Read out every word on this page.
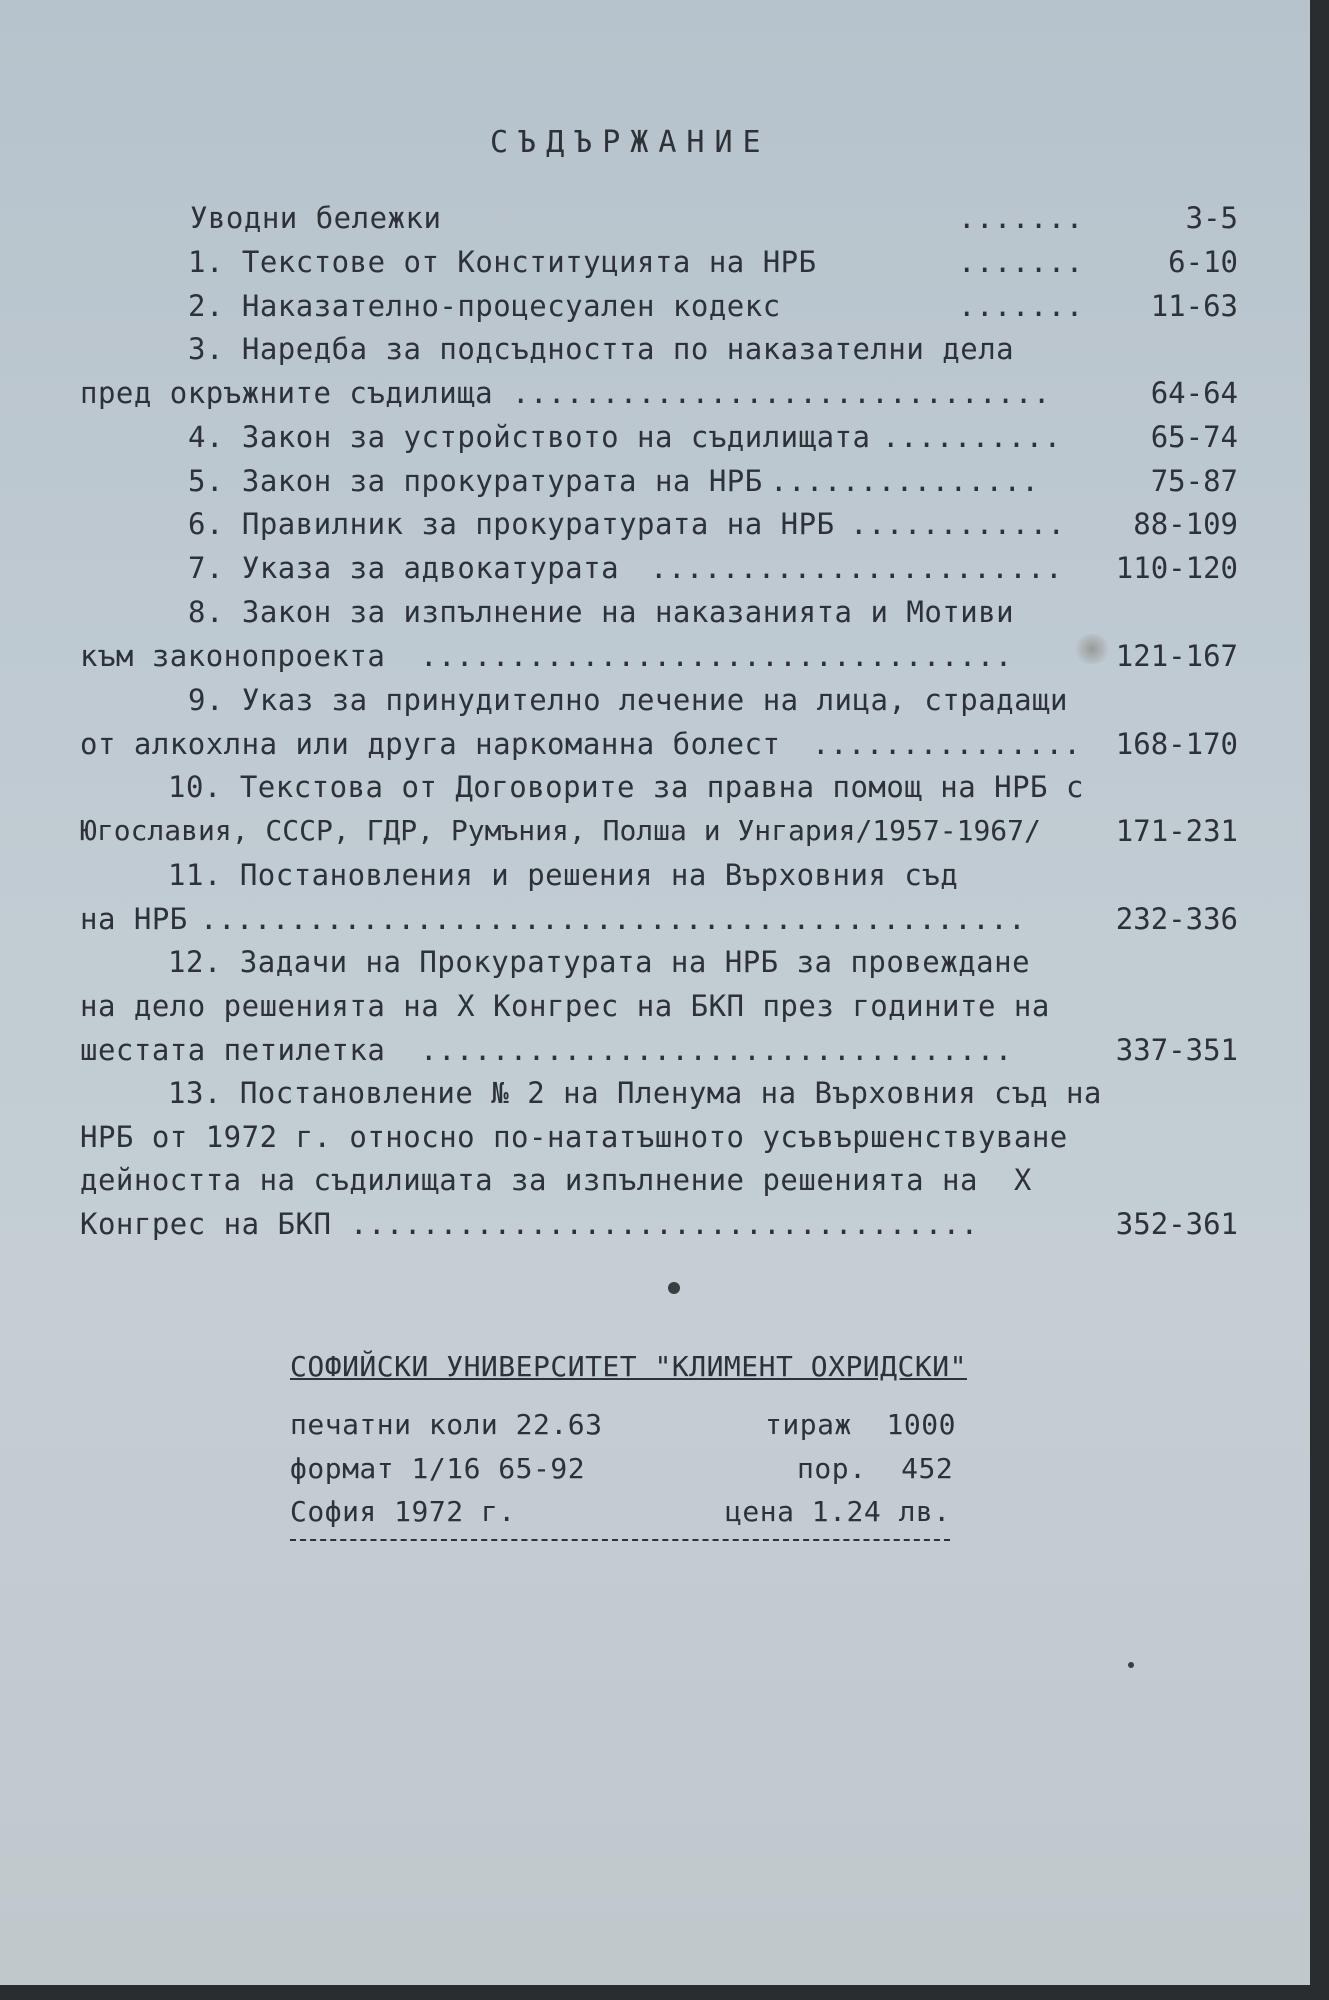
СЪДЪРЖАНИЕ
Уводни бележки	.......	3-5
1. Текстове от Конституцията на НРБ	.......	6-10
2. Наказателно-процесуален кодекс	....... 11-63
3. Наредба за подсъдността по наказателни дела
пред окръжните съдилища ..............................	64-64
4. Закон за устройството на съдилищата ..........	65-74
5. Закон за прокуратурата на НРБ ...............	75-87
6. Правилник за прокуратурата на НРБ ............ 88-109
7. Указа за адвокатурата ....................... 110-120
8. Закон за изпълнение на наказанията и Мотиви
към законопроекта .................................	121-167
9. Указ за принудително лечение на лица, страдащи
от алкохлна или друга наркоманна болест ............... 168-170
10. Текстова от Договорите за правна помощ на НРБ с
Югославия, СССР, ГДР, Румъния, Полша и Унгария/1957-1967/	171-231
11. Постановления и решения на Върховния съд
на НРБ ..............................................	232-336
12. Задачи на Прокуратурата на НРБ за провеждане
на дело решенията на Х Конгрес на БКП през годините на
шестата петилетка .................................	337-351
13. Постановление № 2 на Пленума на Върховния съд на
НРБ от 1972 г. относно по-нататъшното усъвършенствуване
дейността на съдилищата за изпълнение решенията на  Х
Конгрес на БКП ...................................	352-361
СОФИЙСКИ УНИВЕРСИТЕТ "КЛИМЕНТ ОХРИДСКИ"
печатни коли 22.63	тираж  1000
формат 1/16 65-92	пор.  452
София 1972 г.	цена 1.24 лв.
